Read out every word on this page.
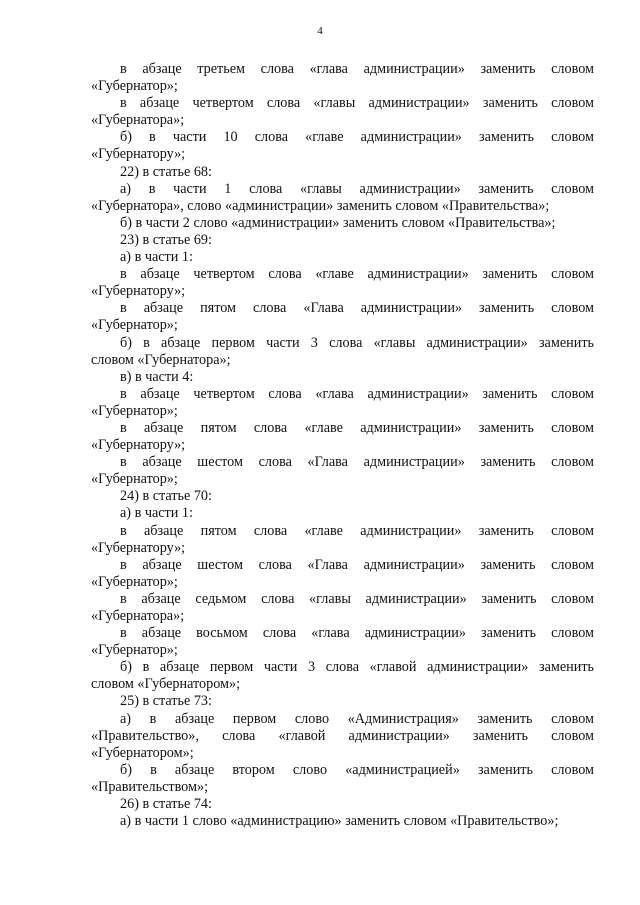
4
в абзаце третьем слова «глава администрации» заменить словом
«Губернатор»;
в абзаце четвертом слова «главы администрации» заменить словом
«Губернатора»;
б) в части 10 слова «главе администрации» заменить словом
«Губернатору»;
22) в статье 68:
а) в части 1 слова «главы администрации» заменить словом
«Губернатора», слово «администрации» заменить словом «Правительства»;
б) в части 2 слово «администрации» заменить словом «Правительства»;
23) в статье 69:
а) в части 1:
в абзаце четвертом слова «главе администрации» заменить словом
«Губернатору»;
в абзаце пятом слова «Глава администрации» заменить словом
«Губернатор»;
б) в абзаце первом части 3 слова «главы администрации» заменить
словом «Губернатора»;
в) в части 4:
в абзаце четвертом слова «глава администрации» заменить словом
«Губернатор»;
в абзаце пятом слова «главе администрации» заменить словом
«Губернатору»;
в абзаце шестом слова «Глава администрации» заменить словом
«Губернатор»;
24) в статье 70:
а) в части 1:
в абзаце пятом слова «главе администрации» заменить словом
«Губернатору»;
в абзаце шестом слова «Глава администрации» заменить словом
«Губернатор»;
в абзаце седьмом слова «главы администрации» заменить словом
«Губернатора»;
в абзаце восьмом слова «глава администрации» заменить словом
«Губернатор»;
б) в абзаце первом части 3 слова «главой администрации» заменить
словом «Губернатором»;
25) в статье 73:
а) в абзаце первом слово «Администрация» заменить словом
«Правительство», слова «главой администрации» заменить словом
«Губернатором»;
б) в абзаце втором слово «администрацией» заменить словом
«Правительством»;
26) в статье 74:
а) в части 1 слово «администрацию» заменить словом «Правительство»;
